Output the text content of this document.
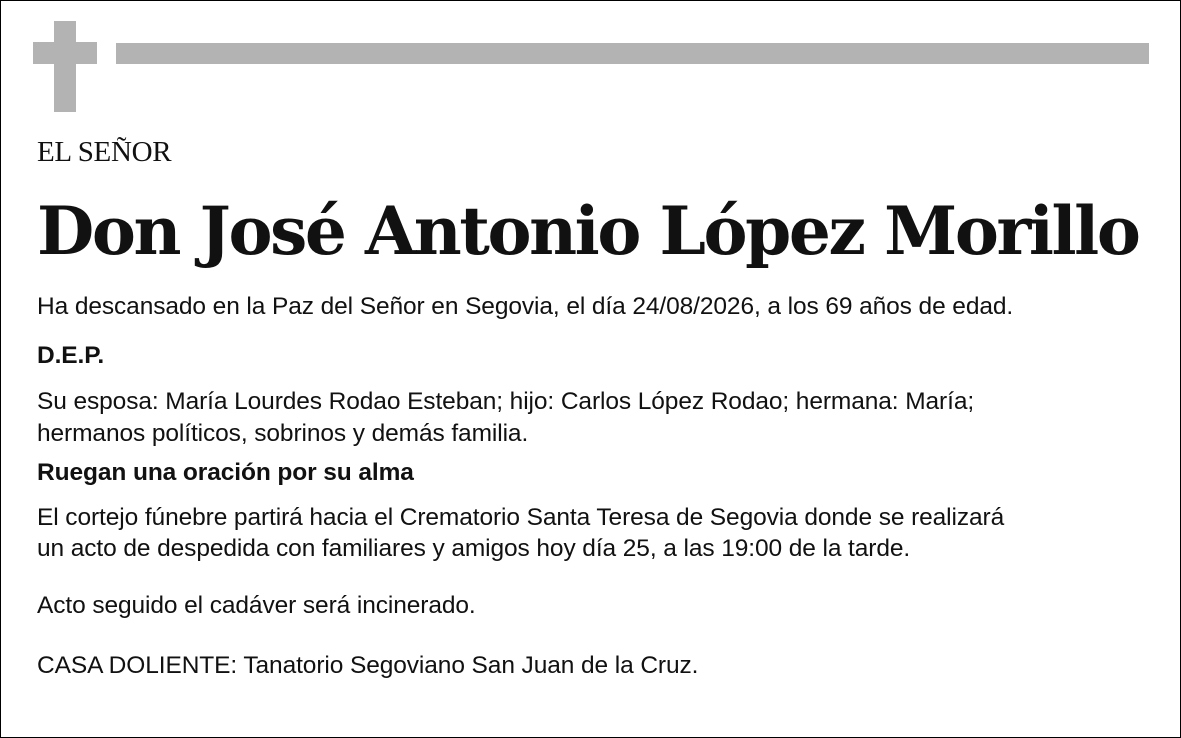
EL SEÑOR

Don José Antonio López Morillo

Ha descansado en la Paz del Señor en Segovia, el día 24/08/2026, a los 69 años de edad.

D.E.P.

Su esposa: María Lourdes Rodao Esteban; hijo: Carlos López Rodao; hermana: María;

hermanos políticos, sobrinos y demás familia.

Ruegan una oración por su alma

El cortejo fúnebre partirá hacia el Crematorio Santa Teresa de Segovia donde se realizará

un acto de despedida con familiares y amigos hoy día 25, a las 19:00 de la tarde.

Acto seguido el cadáver será incinerado.

CASA DOLIENTE: Tanatorio Segoviano San Juan de la Cruz.
